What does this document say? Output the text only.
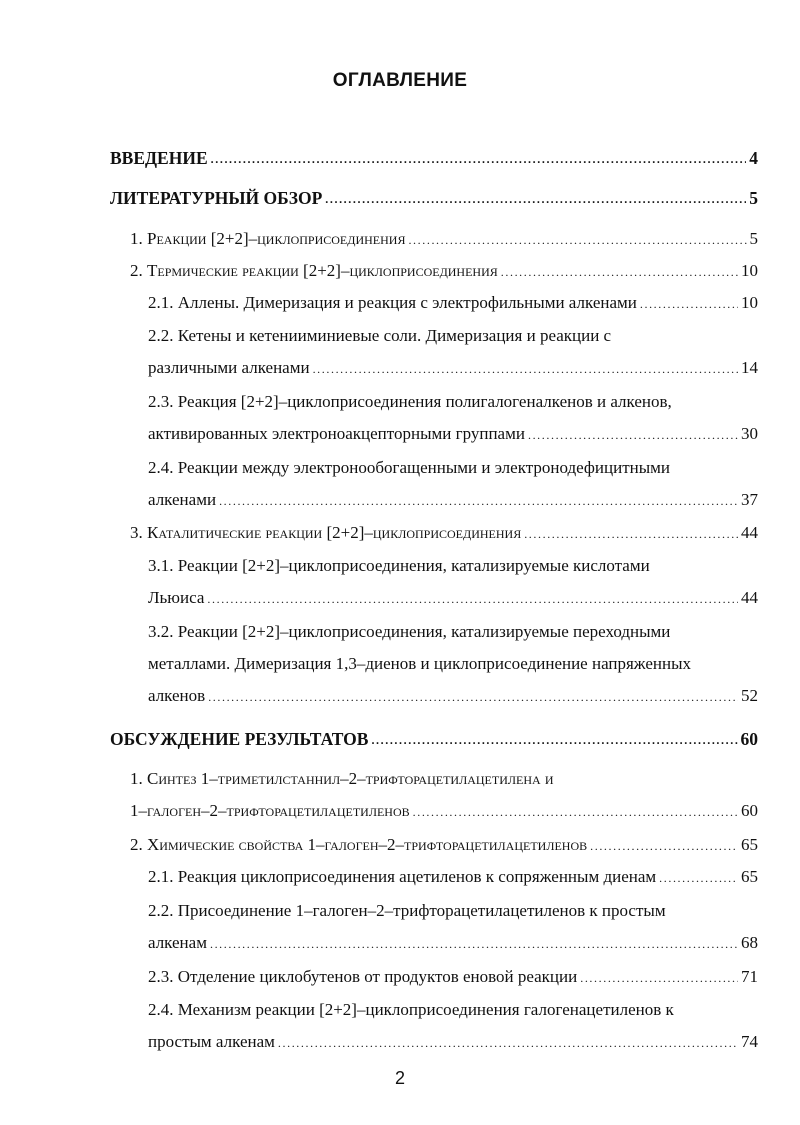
ОГЛАВЛЕНИЕ
ВВЕДЕНИЕ .....	4
ЛИТЕРАТУРНЫЙ ОБЗОР .....	5
1. Реакции [2+2]–циклоприсоединения .....	5
2. Термические реакции [2+2]–циклоприсоединения .....	10
2.1. Аллены. Димеризация и реакция с электрофильными алкенами .....	10
2.2. Кетены и кетенииминиевые соли. Димеризация и реакции с
различными алкенами .....	14
2.3. Реакция [2+2]–циклоприсоединения полигалогеналкенов и алкенов,
активированных электроноакцепторными группами .....	30
2.4. Реакции между электронообогащенными и электронодефицитными
алкенами .....	37
3. Каталитические реакции [2+2]–циклоприсоединения .....	44
3.1. Реакции [2+2]–циклоприсоединения, катализируемые кислотами
Льюиса .....	44
3.2. Реакции [2+2]–циклоприсоединения, катализируемые переходными
металлами. Димеризация 1,3–диенов и циклоприсоединение напряженных
алкенов .....	52
ОБСУЖДЕНИЕ РЕЗУЛЬТАТОВ .....	60
1. Синтез 1–триметилстаннил–2–трифторацетилацетилена и
1–галоген–2–трифторацетилацетиленов .....	60
2. Химические свойства 1–галоген–2–трифторацетилацетиленов .....	65
2.1. Реакция циклоприсоединения ацетиленов к сопряженным диенам .....	65
2.2. Присоединение 1–галоген–2–трифторацетилацетиленов к простым
алкенам .....	68
2.3. Отделение циклобутенов от продуктов еновой реакции .....	71
2.4. Механизм реакции [2+2]–циклоприсоединения галогенацетиленов к
простым алкенам .....	74
2
